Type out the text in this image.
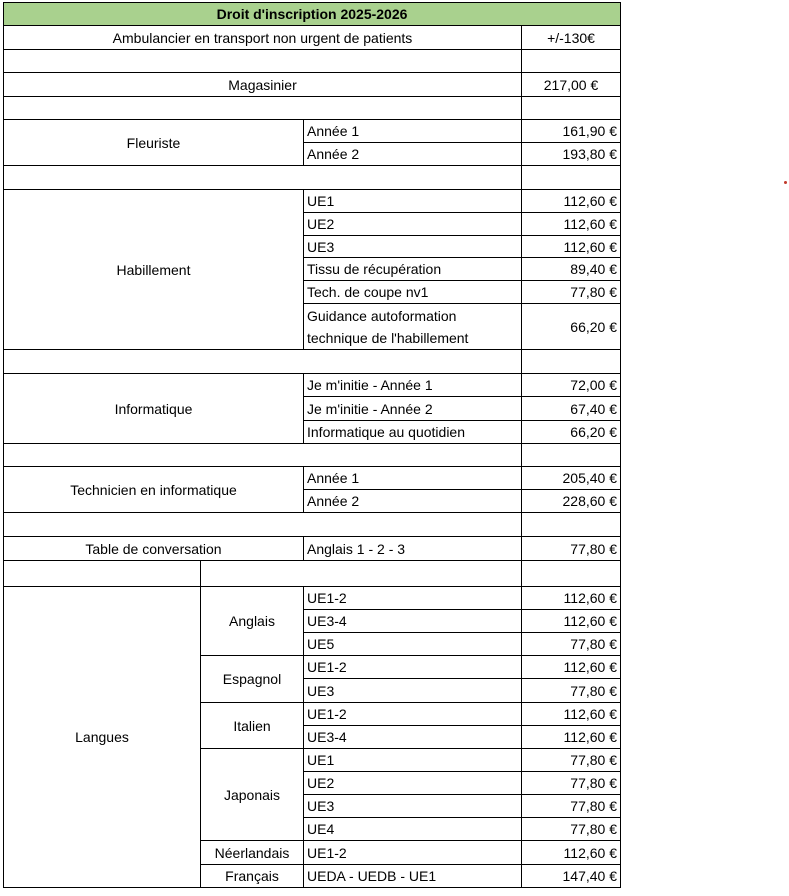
Droit d'inscription 2025-2026			
Ambulancier en transport non urgent de patients			+/-130€

Magasinier			217,00 €

Fleuriste		Année 1	161,90 €
		Année 2	193,80 €

Habillement		UE1	112,60 €
		UE2	112,60 €
		UE3	112,60 €
		Tissu de récupération	89,40 €
		Tech. de coupe nv1	77,80 €
		Guidance autoformation technique de l'habillement	66,20 €

Informatique		Je m'initie - Année 1	72,00 €
		Je m'initie - Année 2	67,40 €
		Informatique au quotidien	66,20 €

Technicien en informatique		Année 1	205,40 €
		Année 2	228,60 €

Table de conversation		Anglais 1 - 2 - 3	77,80 €

Langues	Anglais	UE1-2	112,60 €
		UE3-4	112,60 €
		UE5	77,80 €
	Espagnol	UE1-2	112,60 €
		UE3	77,80 €
	Italien	UE1-2	112,60 €
		UE3-4	112,60 €
	Japonais	UE1	77,80 €
		UE2	77,80 €
		UE3	77,80 €
		UE4	77,80 €
	Néerlandais	UE1-2	112,60 €
	Français	UEDA - UEDB - UE1	147,40 €
